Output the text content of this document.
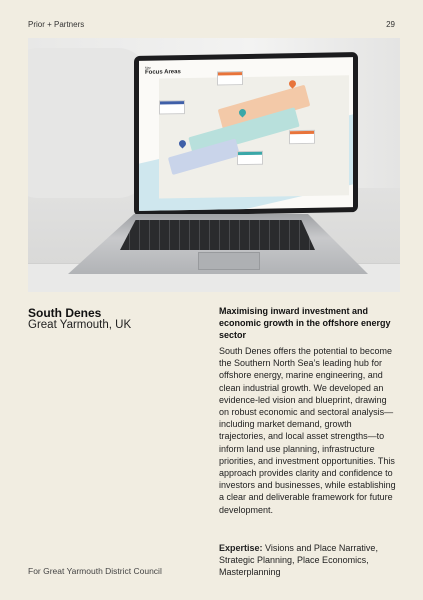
Prior + Partners	29
Map
Focus Areas
South Denes
Great Yarmouth, UK
Maximising inward investment and economic growth in the offshore energy sector
South Denes offers the potential to become the Southern North Sea’s leading hub for offshore energy, marine engineering, and clean industrial growth. We developed an evidence-led vision and blueprint, drawing on robust economic and sectoral analysis—including market demand, growth trajectories, and local asset strengths—to inform land use planning, infrastructure priorities, and investment opportunities. This approach provides clarity and confidence to investors and businesses, while establishing a clear and deliverable framework for future development.
For Great Yarmouth District Council
Expertise: Visions and Place Narrative, Strategic Planning, Place Economics, Masterplanning
